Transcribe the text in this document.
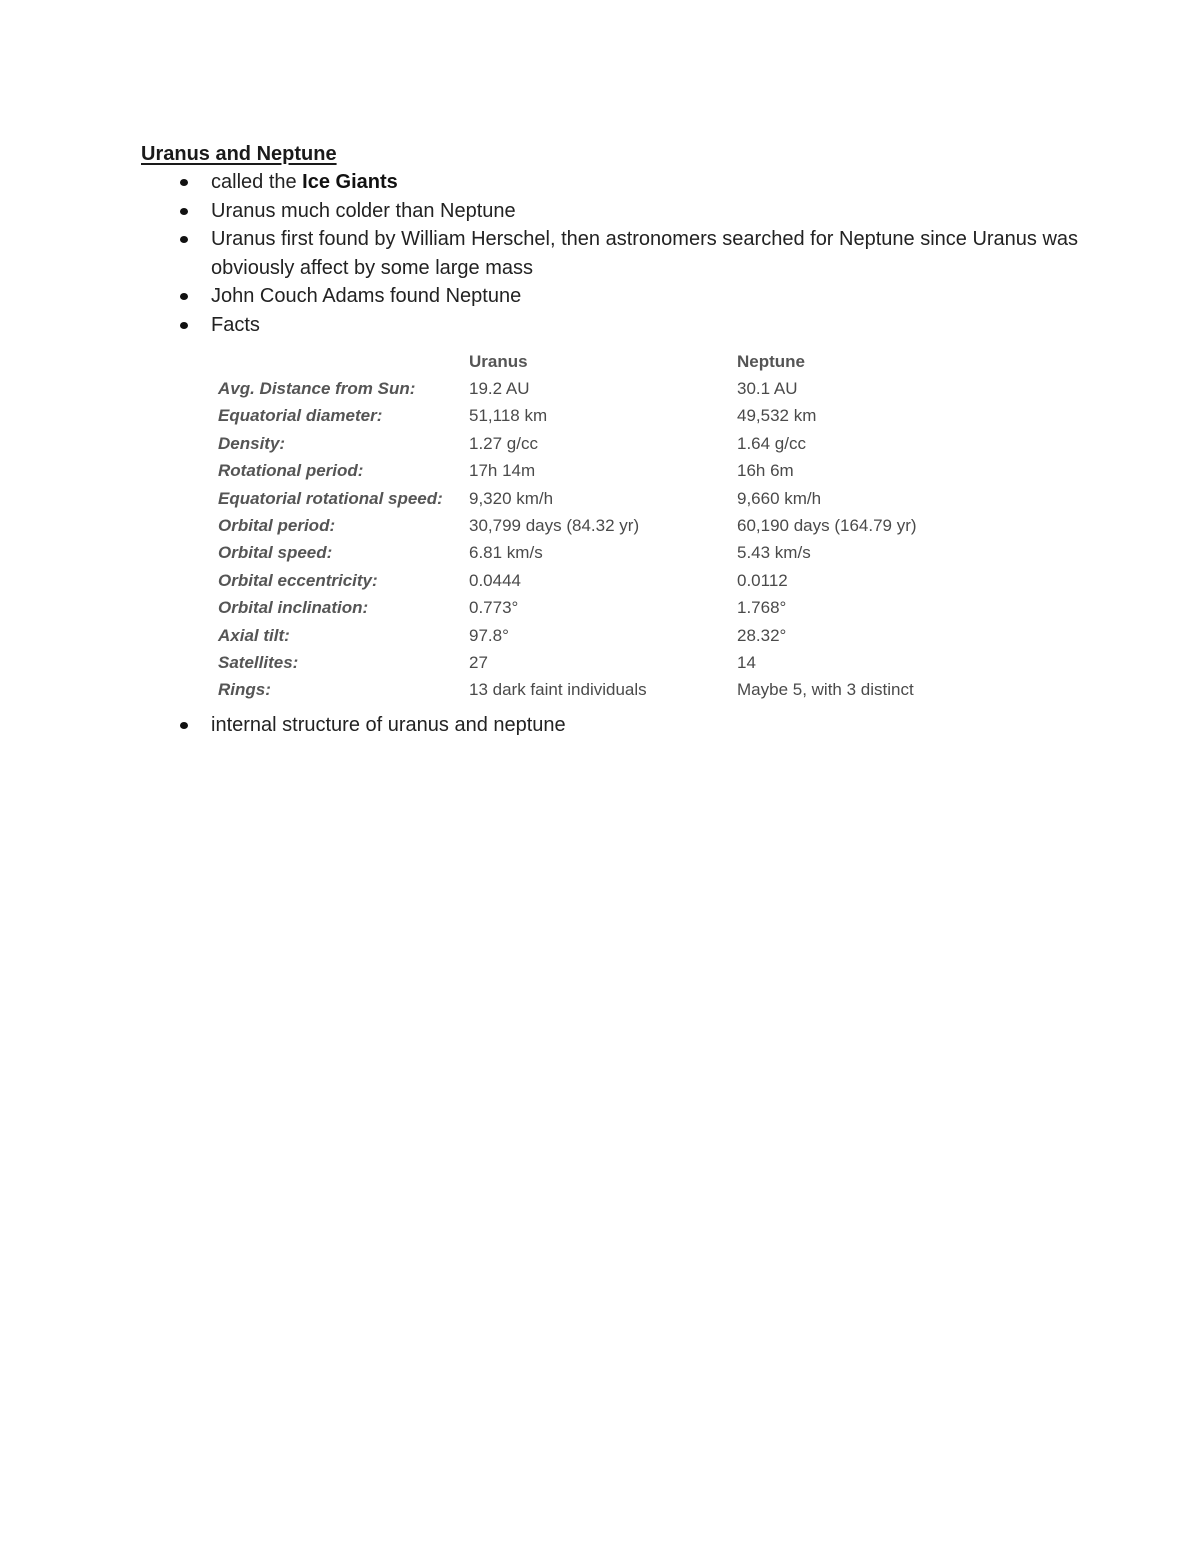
Uranus and Neptune
called the Ice Giants
Uranus much colder than Neptune
Uranus first found by William Herschel, then astronomers searched for Neptune since Uranus was obviously affect by some large mass
John Couch Adams found Neptune
Facts
	Uranus	Neptune
Avg. Distance from Sun:	19.2 AU	30.1 AU
Equatorial diameter:	51,118 km	49,532 km
Density:	1.27 g/cc	1.64 g/cc
Rotational period:	17h 14m	16h 6m
Equatorial rotational speed:	9,320 km/h	9,660 km/h
Orbital period:	30,799 days (84.32 yr)	60,190 days (164.79 yr)
Orbital speed:	6.81 km/s	5.43 km/s
Orbital eccentricity:	0.0444	0.0112
Orbital inclination:	0.773°	1.768°
Axial tilt:	97.8°	28.32°
Satellites:	27	14
Rings:	13 dark faint individuals	Maybe 5, with 3 distinct
internal structure of uranus and neptune
